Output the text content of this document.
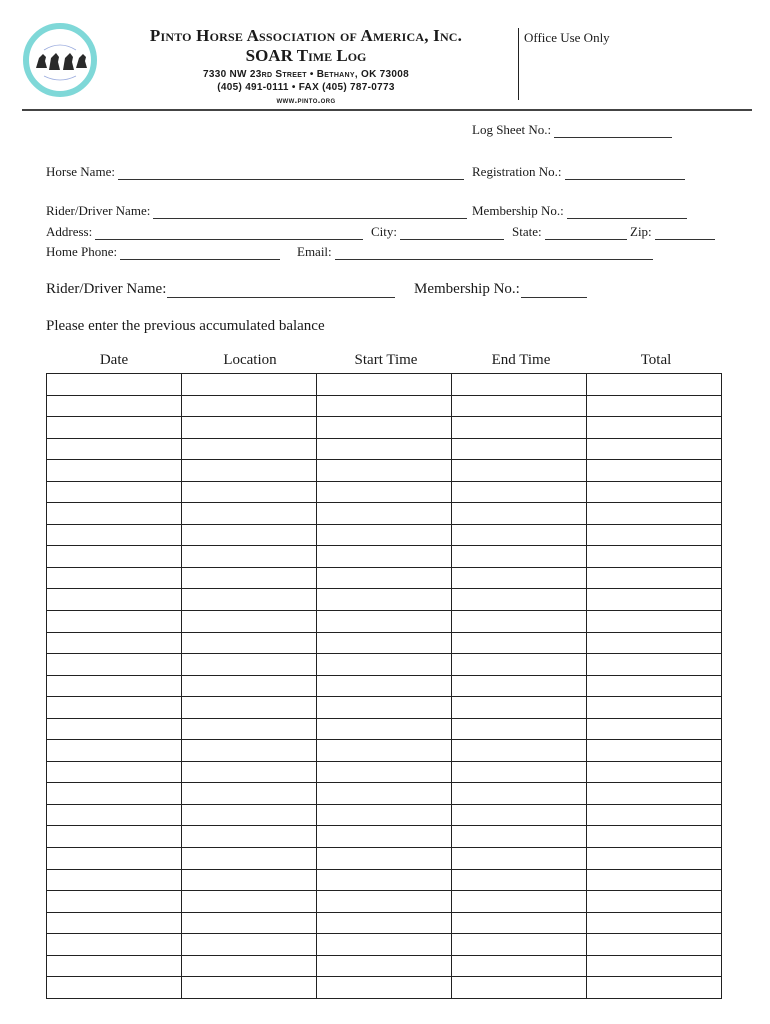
Pinto Horse Association of America, Inc.
SOAR Time Log
7330 NW 23rd Street • Bethany, OK 73008
(405) 491-0111 • FAX (405) 787-0773
www.pinto.org
Office Use Only
Log Sheet No.:
Horse Name:	Registration No.:
Rider/Driver Name:	Membership No.:
Address:	City:	State:	Zip:
Home Phone:	Email:
Rider/Driver Name:	Membership No.:
Please enter the previous accumulated balance
Date	Location	Start Time	End Time	Total
